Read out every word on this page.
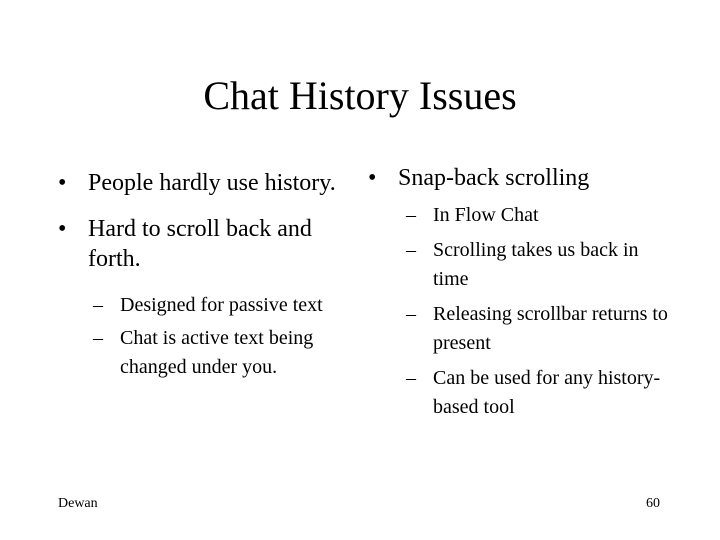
Chat History Issues
• People hardly use history.
• Hard to scroll back and forth.
– Designed for passive text
– Chat is active text being changed under you.
• Snap-back scrolling
– In Flow Chat
– Scrolling takes us back in time
– Releasing scrollbar returns to present
– Can be used for any history-based tool
Dewan	60
